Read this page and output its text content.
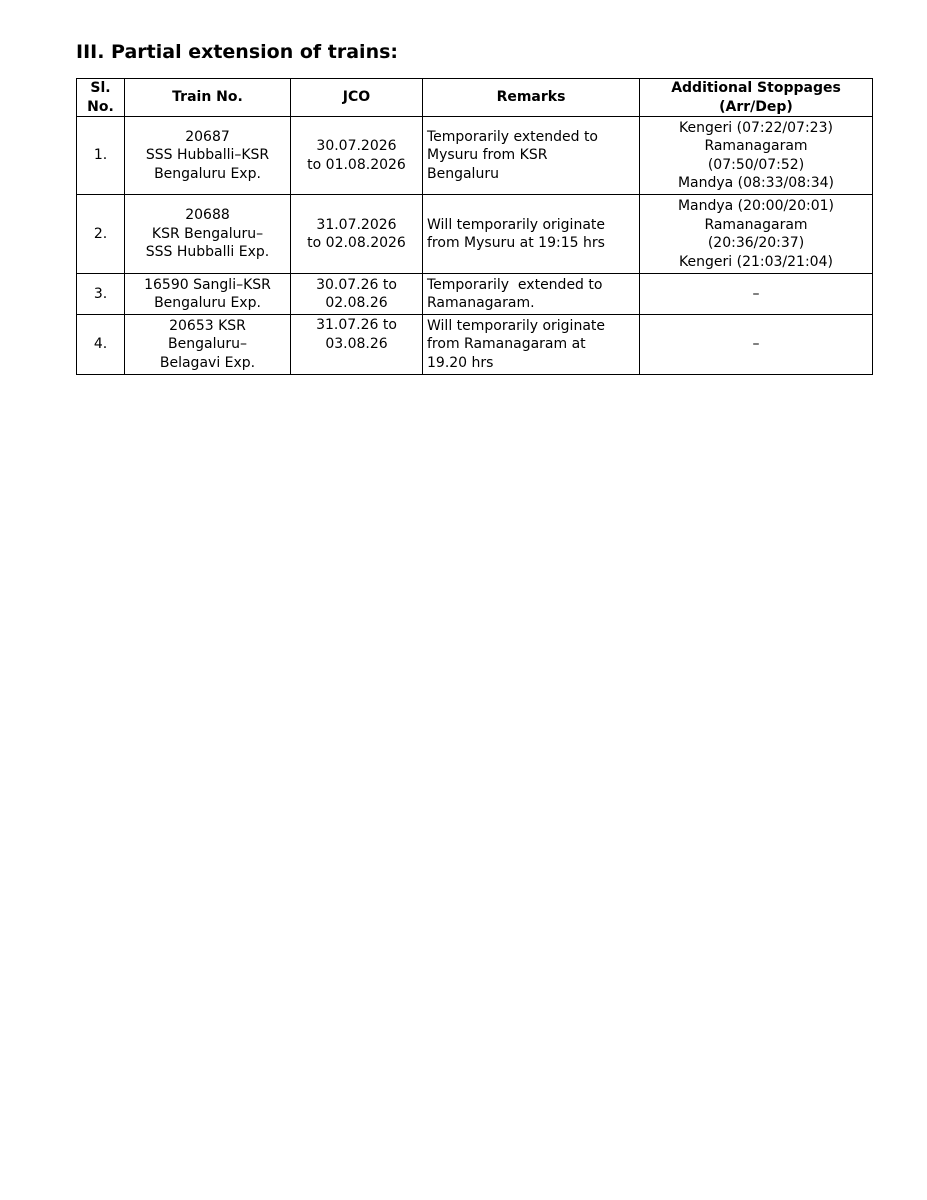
III. Partial extension of trains:
Sl.
No.	Train No.	JCO	Remarks	Additional Stoppages
(Arr/Dep)

1.	20687
SSS Hubballi–KSR
Bengaluru Exp.	30.07.2026
to 01.08.2026	Temporarily extended to
Mysuru from KSR
Bengaluru	Kengeri (07:22/07:23)
Ramanagaram
(07:50/07:52)
Mandya (08:33/08:34)

2.	20688
KSR Bengaluru–
SSS Hubballi Exp.	31.07.2026
to 02.08.2026	Will temporarily originate
from Mysuru at 19:15 hrs	Mandya (20:00/20:01)
Ramanagaram
(20:36/20:37)
Kengeri (21:03/21:04)

3.	16590 Sangli–KSR
Bengaluru Exp.	30.07.26 to
02.08.26	Temporarily  extended to
Ramanagaram.	–

4.	20653 KSR
Bengaluru–
Belagavi Exp.	31.07.26 to
03.08.26	Will temporarily originate
from Ramanagaram at
19.20 hrs	–
